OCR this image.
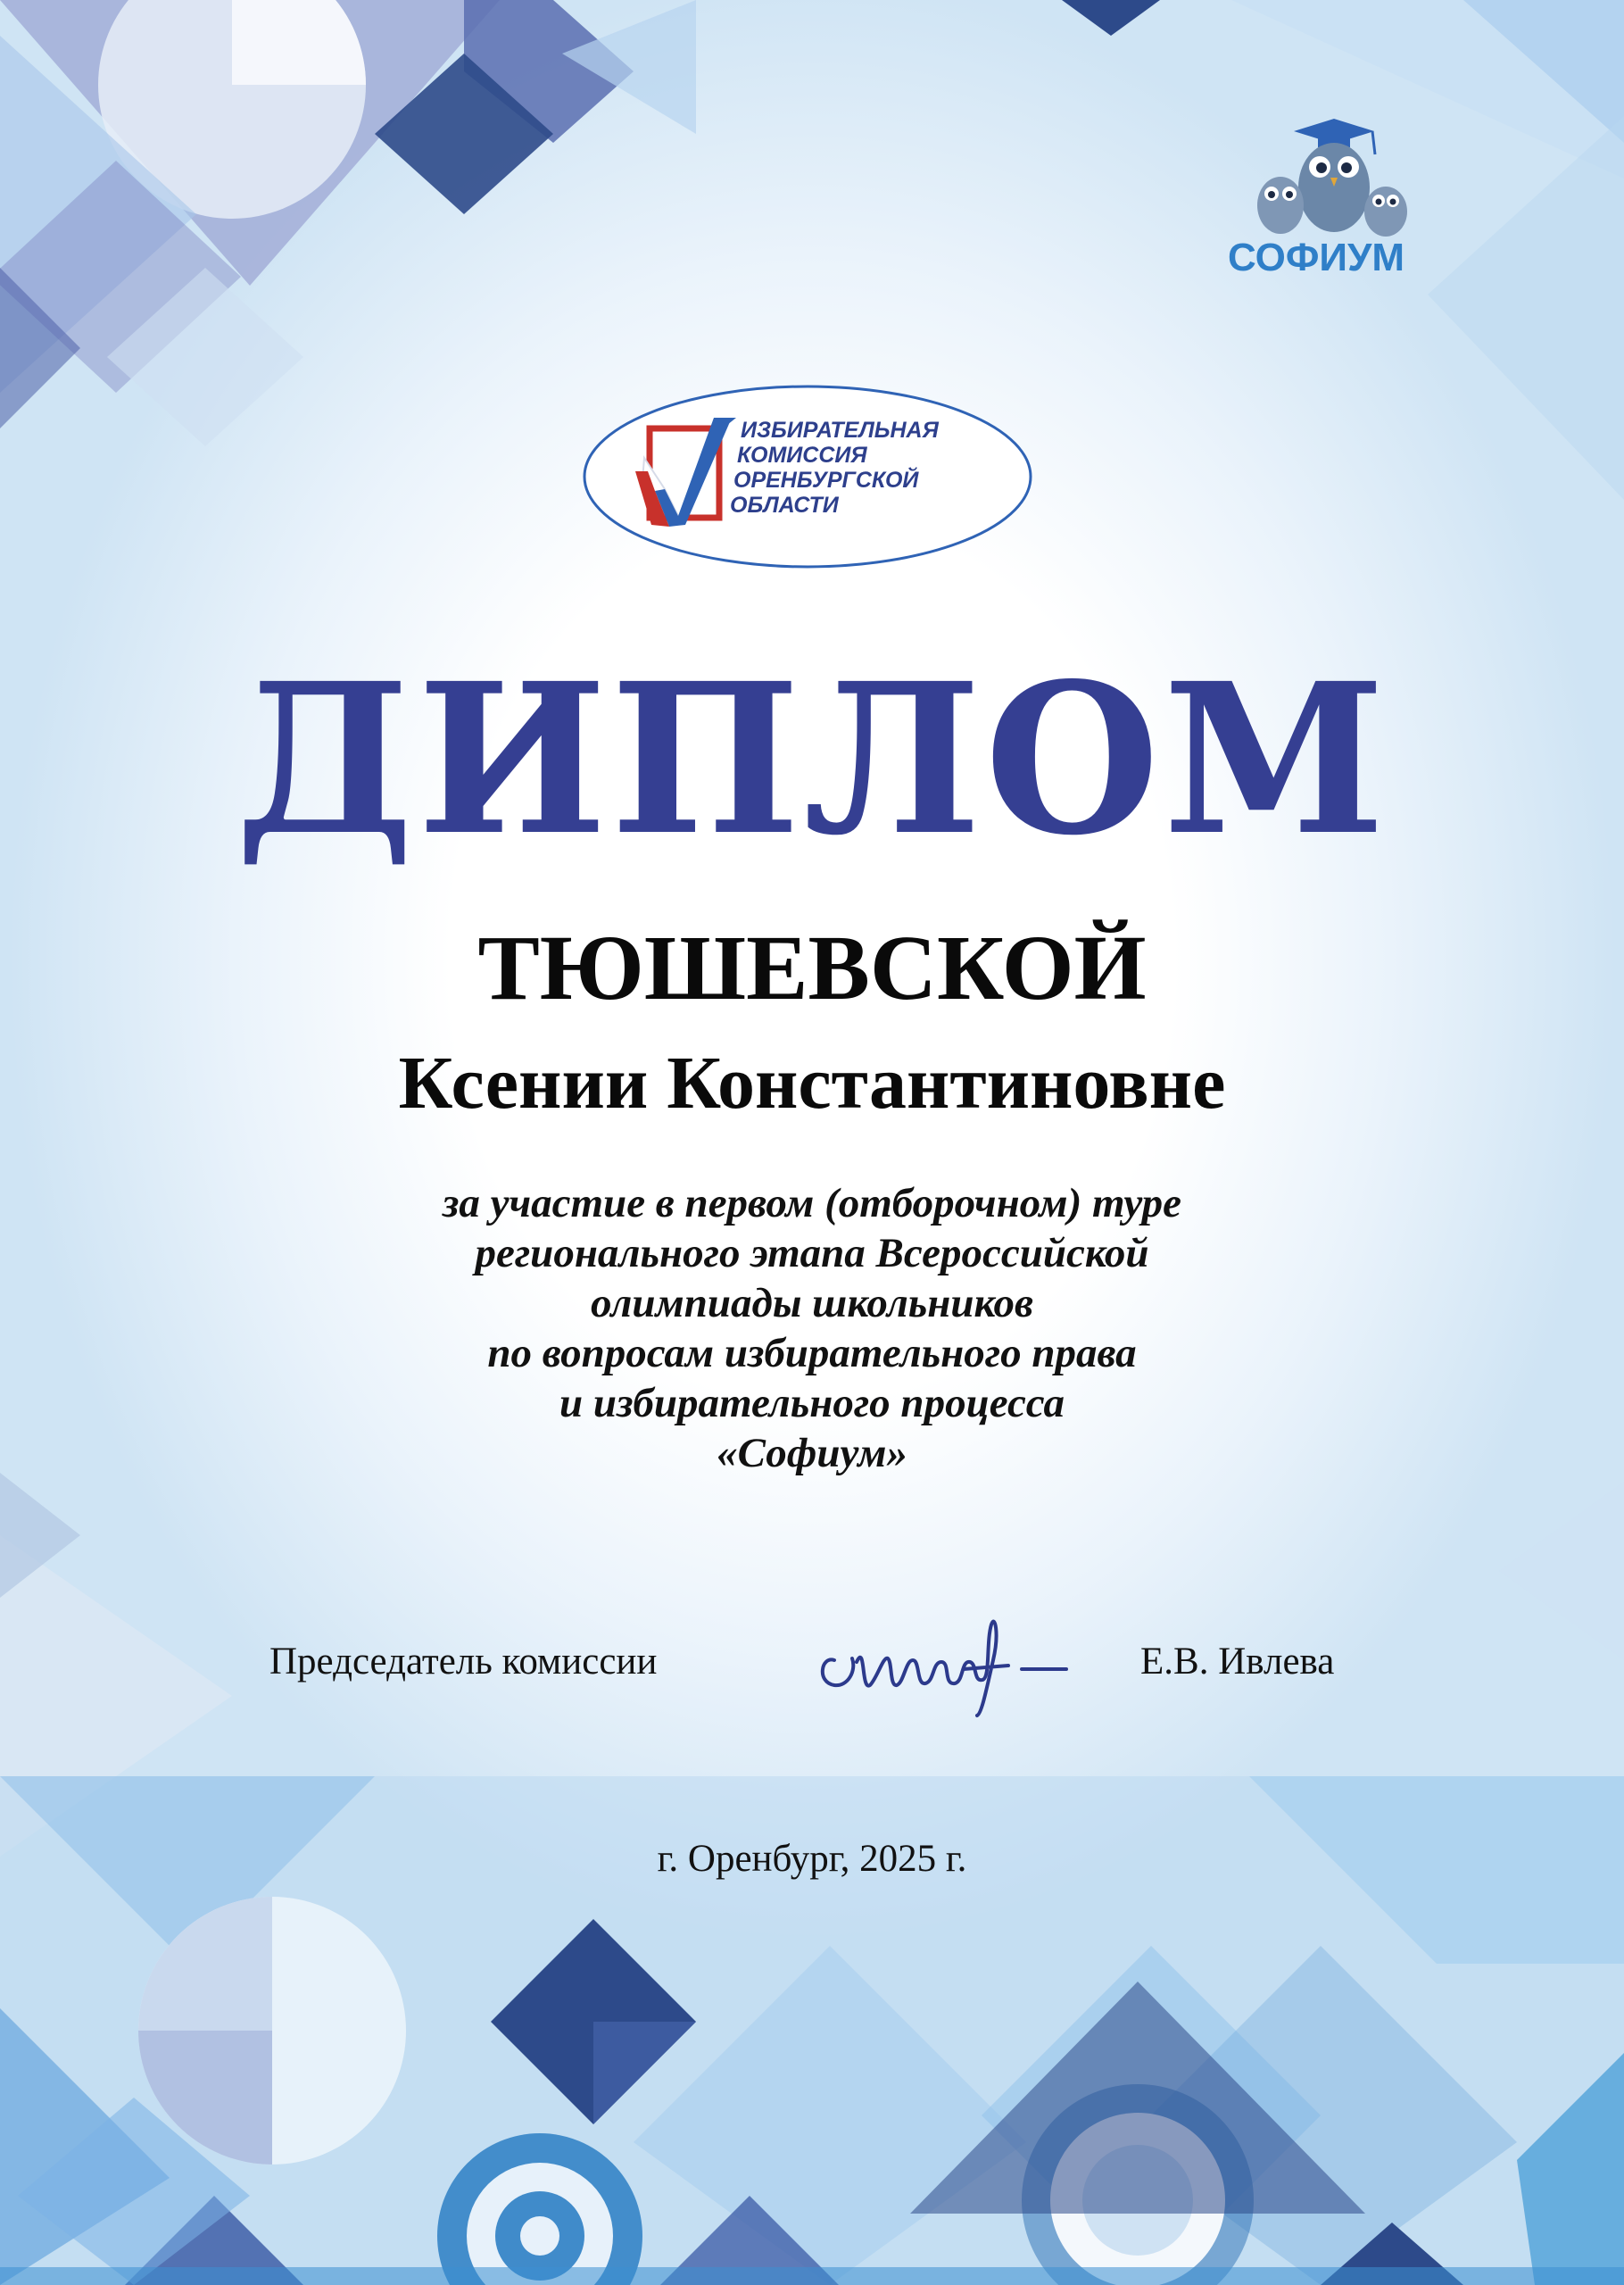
СОФИУМ
ИЗБИРАТЕЛЬНАЯ
КОМИССИЯ
ОРЕНБУРГСКОЙ
ОБЛАСТИ
ДИПЛОМ
ТЮШЕВСКОЙ
Ксении Константиновне
за участие в первом (отборочном) туре
регионального этапа Всероссийской
олимпиады школьников
по вопросам избирательного права
и избирательного процесса
«Софиум»
Председатель комиссии	Е.В. Ивлева
г. Оренбург, 2025 г.
